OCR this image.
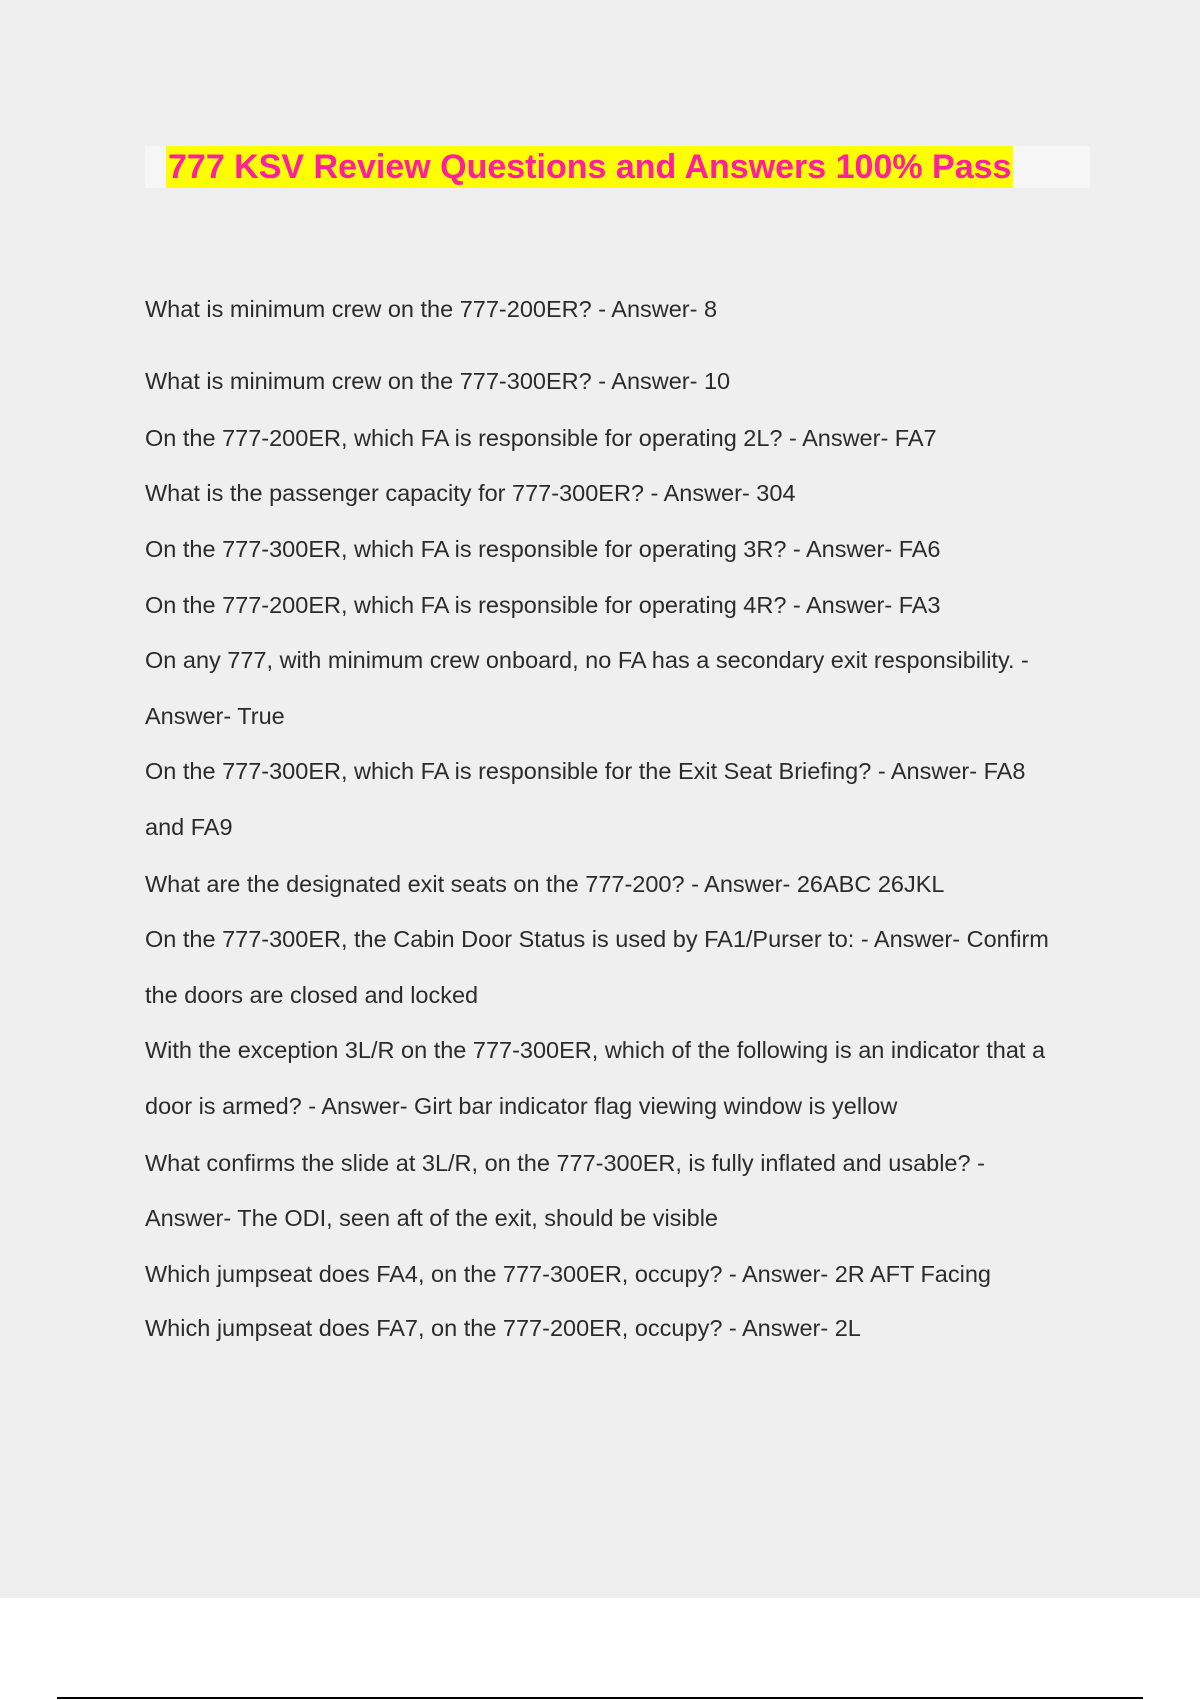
777 KSV Review Questions and Answers 100% Pass
What is minimum crew on the 777-200ER? - Answer- 8
What is minimum crew on the 777-300ER? - Answer- 10
On the 777-200ER, which FA is responsible for operating 2L? - Answer- FA7
What is the passenger capacity for 777-300ER? - Answer- 304
On the 777-300ER, which FA is responsible for operating 3R? - Answer- FA6
On the 777-200ER, which FA is responsible for operating 4R? - Answer- FA3
On any 777, with minimum crew onboard, no FA has a secondary exit responsibility. -
Answer- True
On the 777-300ER, which FA is responsible for the Exit Seat Briefing? - Answer- FA8
and FA9
What are the designated exit seats on the 777-200? - Answer- 26ABC 26JKL
On the 777-300ER, the Cabin Door Status is used by FA1/Purser to: - Answer- Confirm
the doors are closed and locked
With the exception 3L/R on the 777-300ER, which of the following is an indicator that a
door is armed? - Answer- Girt bar indicator flag viewing window is yellow
What confirms the slide at 3L/R, on the 777-300ER, is fully inflated and usable? -
Answer- The ODI, seen aft of the exit, should be visible
Which jumpseat does FA4, on the 777-300ER, occupy? - Answer- 2R AFT Facing
Which jumpseat does FA7, on the 777-200ER, occupy? - Answer- 2L
